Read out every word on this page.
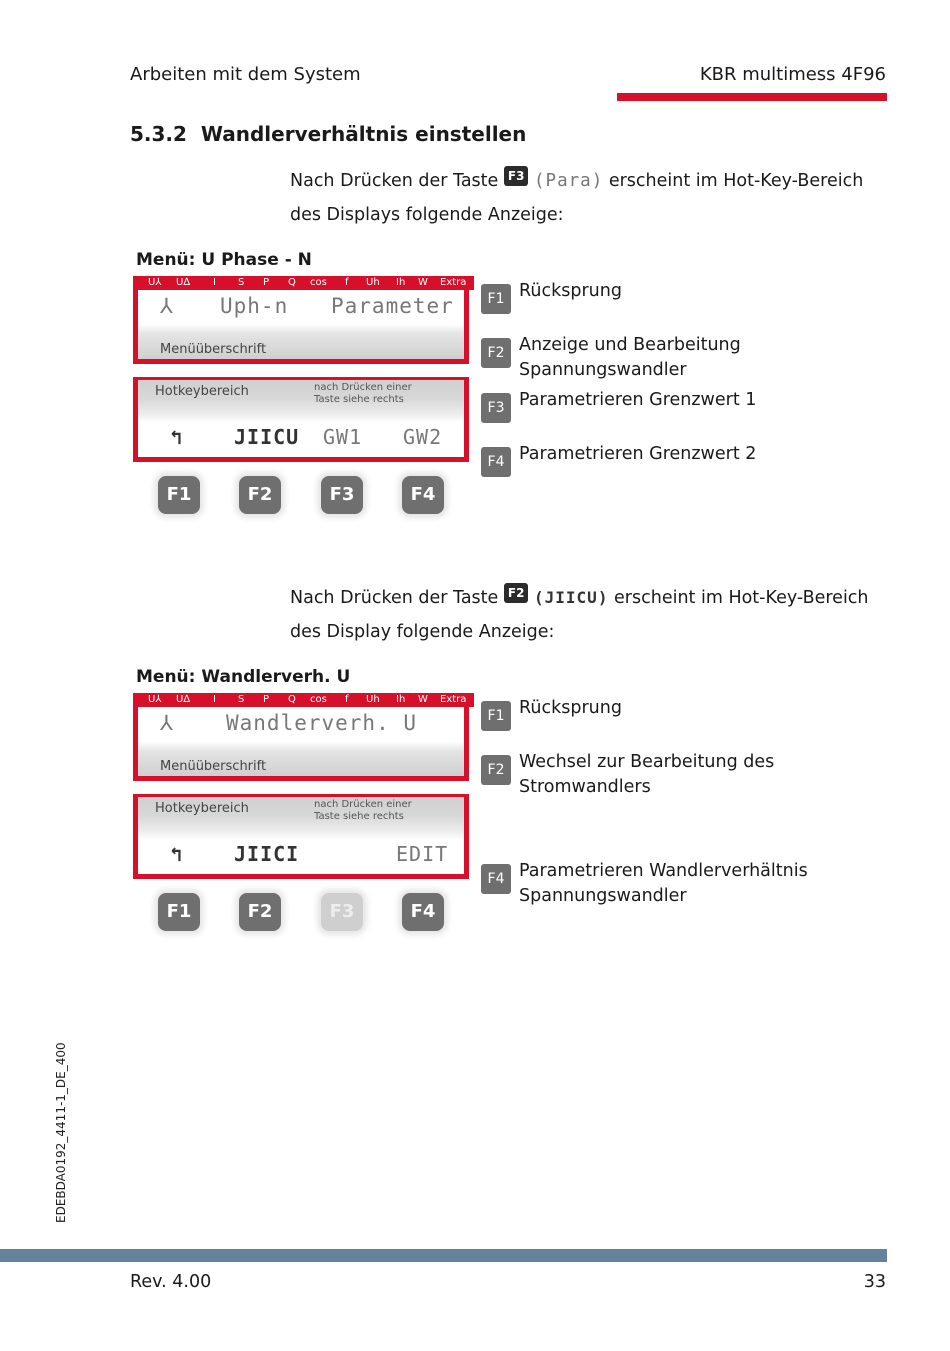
Arbeiten mit dem System	KBR multimess 4F96
5.3.2 Wandlerverhältnis einstellen
Nach Drücken der Taste F3 (Para) erscheint im Hot-Key-Bereich des Displays folgende Anzeige:
Menü: U Phase - N
U⅄ U∆ I S P Q cos f Uh Ih W Extra
⅄ Uph-n Parameter
Menüüberschrift
Hotkeybereich	nach Drücken einer
Taste siehe rechts
↰	JIICU GW1 GW2
F1	F2	F3	F4
F1 Rücksprung
F2 Anzeige und Bearbeitung Spannungswandler
F3 Parametrieren Grenzwert 1
F4 Parametrieren Grenzwert 2
Nach Drücken der Taste F2 (JIICU) erscheint im Hot-Key-Bereich des Display folgende Anzeige:
Menü: Wandlerverh. U
U⅄ U∆ I S P Q cos f Uh Ih W Extra
⅄ Wandlerverh. U
Menüüberschrift
Hotkeybereich	nach Drücken einer
Taste siehe rechts
↰	JIICI	EDIT
F1	F2	F3	F4
F1 Rücksprung
F2 Wechsel zur Bearbeitung des Stromwandlers
F4 Parametrieren Wandlerverhältnis Spannungswandler
EDEBDA0192_4411-1_DE_400
Rev. 4.00	33
